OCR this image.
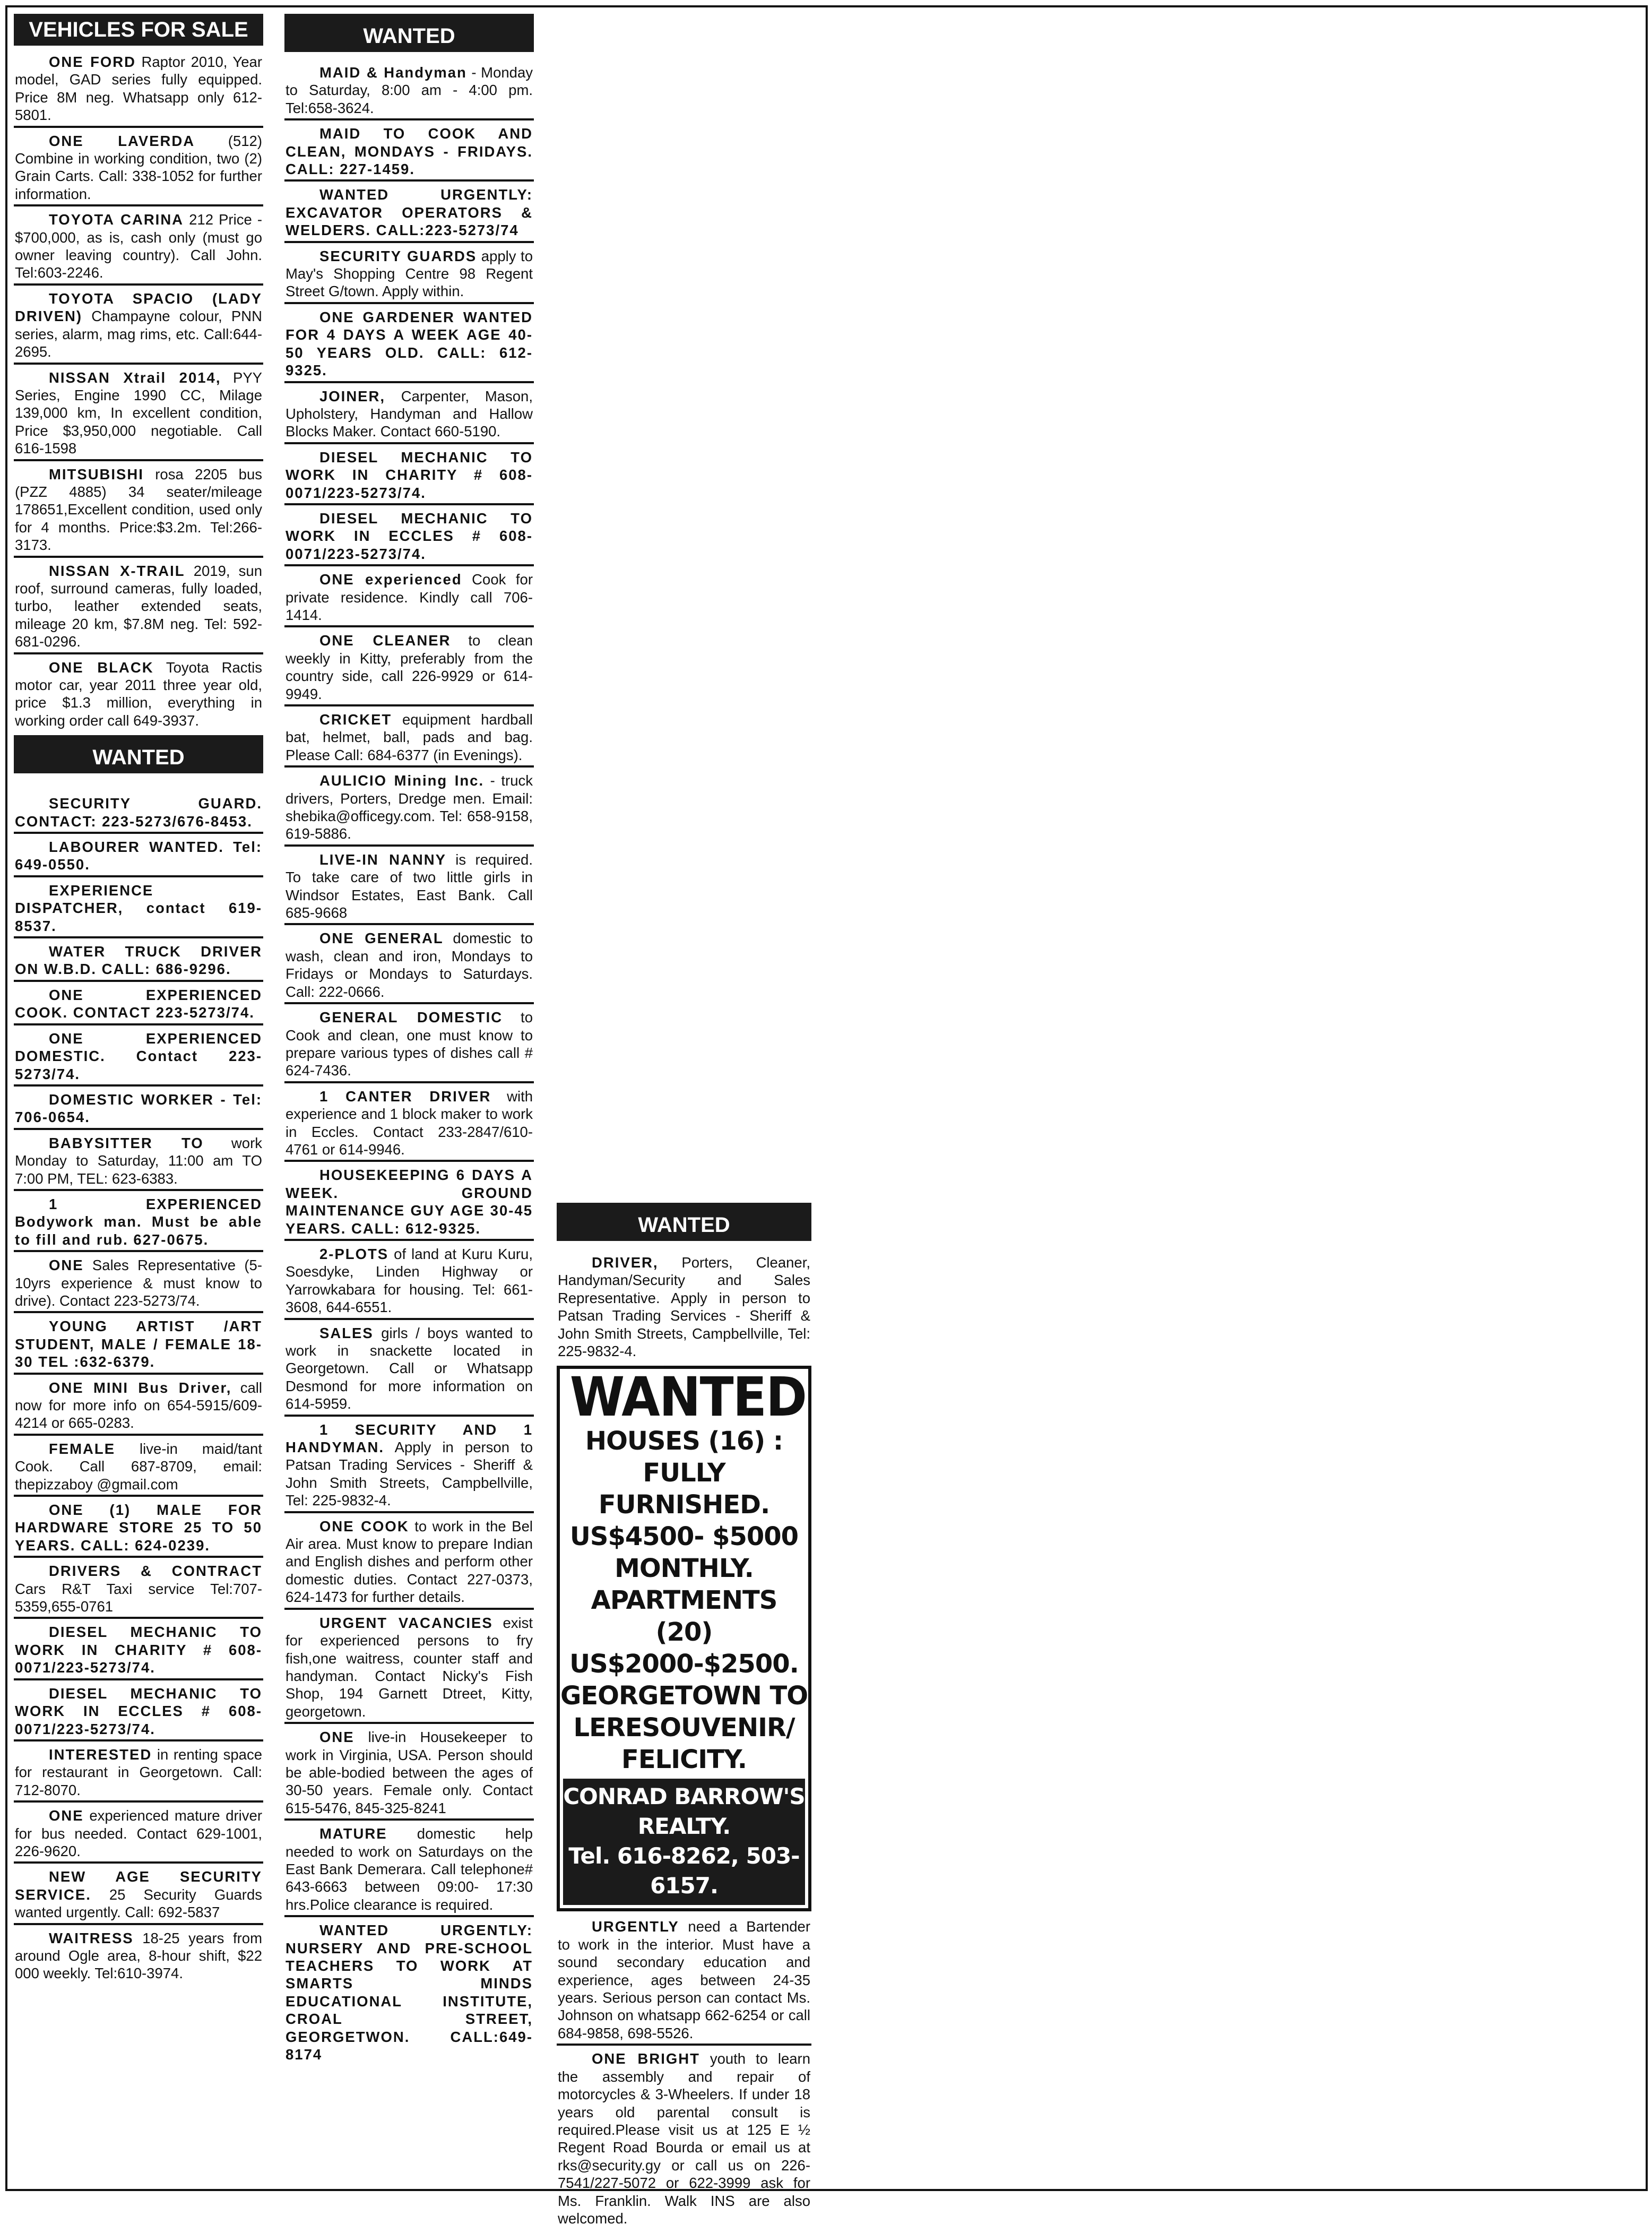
VEHICLES FOR SALE
ONE FORD Raptor 2010, Year model, GAD series fully equipped. Price 8M neg. Whatsapp only 612-5801.
ONE LAVERDA (512) Combine in working condition, two (2) Grain Carts. Call: 338-1052 for further information.
TOYOTA CARINA 212 Price - $700,000, as is, cash only (must go owner leaving country). Call John. Tel:603-2246.
TOYOTA SPACIO (LADY DRIVEN) Champayne colour, PNN series, alarm, mag rims, etc. Call:644-2695.
NISSAN Xtrail 2014, PYY Series, Engine 1990 CC, Milage 139,000 km, In excellent condition, Price $3,950,000 negotiable. Call 616-1598
MITSUBISHI rosa 2205 bus (PZZ 4885) 34 seater/mileage 178651,Excellent condition, used only for 4 months. Price:$3.2m. Tel:266-3173.
NISSAN X-TRAIL 2019, sun roof, surround cameras, fully loaded, turbo, leather extended seats, mileage 20 km, $7.8M neg. Tel: 592-681-0296.
ONE BLACK Toyota Ractis motor car, year 2011 three year old, price $1.3 million, everything in working order call 649-3937.
WANTED
SECURITY GUARD. CONTACT: 223-5273/676-8453.
LABOURER WANTED. Tel: 649-0550.
EXPERIENCE DISPATCHER, contact 619-8537.
WATER TRUCK DRIVER ON W.B.D. CALL: 686-9296.
ONE EXPERIENCED COOK. CONTACT 223-5273/74.
ONE EXPERIENCED DOMESTIC. Contact 223-5273/74.
DOMESTIC WORKER - Tel: 706-0654.
BABYSITTER TO work Monday to Saturday, 11:00 am TO 7:00 PM, TEL: 623-6383.
1 EXPERIENCED Bodywork man. Must be able to fill and rub. 627-0675.
ONE Sales Representative (5-10yrs experience & must know to drive). Contact 223-5273/74.
YOUNG ARTIST /ART STUDENT, MALE / FEMALE 18-30 TEL :632-6379.
ONE MINI Bus Driver, call now for more info on 654-5915/609-4214 or 665-0283.
FEMALE live-in maid/tant Cook. Call 687-8709, email: thepizzaboy @gmail.com
ONE (1) MALE FOR HARDWARE STORE 25 TO 50 YEARS. CALL: 624-0239.
DRIVERS & CONTRACT Cars R&T Taxi service Tel:707-5359,655-0761
DIESEL MECHANIC TO WORK IN CHARITY # 608-0071/223-5273/74.
DIESEL MECHANIC TO WORK IN ECCLES # 608-0071/223-5273/74.
INTERESTED in renting space for restaurant in Georgetown. Call: 712-8070.
ONE experienced mature driver for bus needed. Contact 629-1001, 226-9620.
NEW AGE SECURITY SERVICE. 25 Security Guards wanted urgently. Call: 692-5837
WAITRESS 18-25 years from around Ogle area, 8-hour shift, $22 000 weekly. Tel:610-3974.
WANTED
MAID & Handyman - Monday to Saturday, 8:00 am - 4:00 pm. Tel:658-3624.
MAID TO COOK AND CLEAN, MONDAYS - FRIDAYS. CALL: 227-1459.
WANTED URGENTLY: EXCAVATOR OPERATORS & WELDERS. CALL:223-5273/74
SECURITY GUARDS apply to May's Shopping Centre 98 Regent Street G/town. Apply within.
ONE GARDENER WANTED FOR 4 DAYS A WEEK AGE 40-50 YEARS OLD. CALL: 612-9325.
JOINER, Carpenter, Mason, Upholstery, Handyman and Hallow Blocks Maker. Contact 660-5190.
DIESEL MECHANIC TO WORK IN CHARITY # 608-0071/223-5273/74.
DIESEL MECHANIC TO WORK IN ECCLES # 608-0071/223-5273/74.
ONE experienced Cook for private residence. Kindly call 706-1414.
ONE CLEANER to clean weekly in Kitty, preferably from the country side, call 226-9929 or 614-9949.
CRICKET equipment hardball bat, helmet, ball, pads and bag. Please Call: 684-6377 (in Evenings).
AULICIO Mining Inc. - truck drivers, Porters, Dredge men. Email: shebika@officegy.com. Tel: 658-9158, 619-5886.
LIVE-IN NANNY is required. To take care of two little girls in Windsor Estates, East Bank. Call 685-9668
ONE GENERAL domestic to wash, clean and iron, Mondays to Fridays or Mondays to Saturdays. Call: 222-0666.
GENERAL DOMESTIC to Cook and clean, one must know to prepare various types of dishes call # 624-7436.
1 CANTER DRIVER with experience and 1 block maker to work in Eccles. Contact 233-2847/610-4761 or 614-9946.
HOUSEKEEPING 6 DAYS A WEEK. GROUND MAINTENANCE GUY AGE 30-45 YEARS. CALL: 612-9325.
2-PLOTS of land at Kuru Kuru, Soesdyke, Linden Highway or Yarrowkabara for housing. Tel: 661-3608, 644-6551.
SALES girls / boys wanted to work in snackette located in Georgetown. Call or Whatsapp Desmond for more information on 614-5959.
1 SECURITY AND 1 HANDYMAN. Apply in person to Patsan Trading Services - Sheriff & John Smith Streets, Campbellville, Tel: 225-9832-4.
ONE COOK to work in the Bel Air area. Must know to prepare Indian and English dishes and perform other domestic duties. Contact 227-0373, 624-1473 for further details.
URGENT VACANCIES exist for experienced persons to fry fish,one waitress, counter staff and handyman. Contact Nicky's Fish Shop, 194 Garnett Dtreet, Kitty, georgetown.
ONE live-in Housekeeper to work in Virginia, USA. Person should be able-bodied between the ages of 30-50 years. Female only. Contact 615-5476, 845-325-8241
MATURE domestic help needed to work on Saturdays on the East Bank Demerara. Call telephone# 643-6663 between 09:00- 17:30 hrs.Police clearance is required.
WANTED URGENTLY: NURSERY AND PRE-SCHOOL TEACHERS TO WORK AT SMARTS MINDS EDUCATIONAL INSTITUTE, CROAL STREET, GEORGETWON. CALL:649-8174
WANTED
DRIVER, Porters, Cleaner, Handyman/Security and Sales Representative. Apply in person to Patsan Trading Services - Sheriff & John Smith Streets, Campbellville, Tel: 225-9832-4.
WANTED
HOUSES (16) :
FULLY FURNISHED.
US$4500- $5000
MONTHLY.
APARTMENTS (20)
US$2000-$2500.
GEORGETOWN TO
LERESOUVENIR/
FELICITY.
CONRAD BARROW'S
REALTY.
Tel. 616-8262, 503-6157.
URGENTLY need a Bartender to work in the interior. Must have a sound secondary education and experience, ages between 24-35 years. Serious person can contact Ms. Johnson on whatsapp 662-6254 or call 684-9858, 698-5526.
ONE BRIGHT youth to learn the assembly and repair of motorcycles & 3-Wheelers. If under 18 years old parental consult is required.Please visit us at 125 E ½ Regent Road Bourda or email us at rks@security.gy or call us on 226-7541/227-5072 or 622-3999 ask for Ms. Franklin. Walk INS are also welcomed.
